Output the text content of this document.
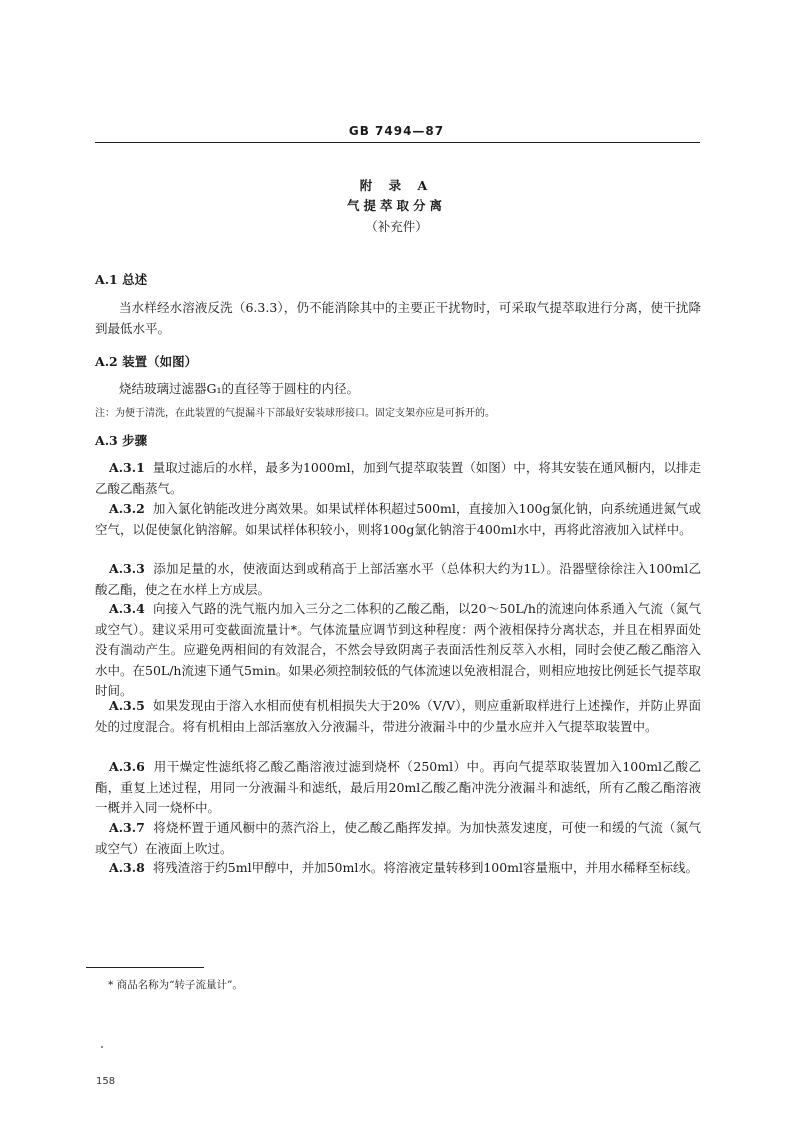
GB 7494—87
附 录 A
气提萃取分离
（补充件）
A.1 总述

当水样经水溶液反洗（6.3.3），仍不能消除其中的主要正干扰物时，可采取气提萃取进行分离，使干扰降到最低水平。

A.2 装置（如图）

烧结玻璃过滤器G₁的直径等于圆柱的内径。

注：为便于清洗，在此装置的气提漏斗下部最好安装球形接口。固定支架亦应是可拆开的。
A.3 步骤

A.3.1 量取过滤后的水样，最多为1000ml，加到气提萃取装置（如图）中，将其安装在通风橱内，以排走乙酸乙酯蒸气。

A.3.2 加入氯化钠能改进分离效果。如果试样体积超过500ml，直接加入100g氯化钠，向系统通进氮气或空气，以促使氯化钠溶解。如果试样体积较小，则将100g氯化钠溶于400ml水中，再将此溶液加入试样中。

A.3.3 添加足量的水，使液面达到或稍高于上部活塞水平（总体积大约为1L）。沿器壁徐徐注入100ml乙酸乙酯，使之在水样上方成层。

A.3.4 向接入气路的洗气瓶内加入三分之二体积的乙酸乙酯，以20～50L/h的流速向体系通入气流（氮气或空气）。建议采用可变截面流量计*。气体流量应调节到这种程度：两个液相保持分离状态，并且在相界面处没有湍动产生。应避免两相间的有效混合，不然会导致阴离子表面活性剂反萃入水相，同时会使乙酸乙酯溶入水中。在50L/h流速下通气5min。如果必须控制较低的气体流速以免液相混合，则相应地按比例延长气提萃取时间。

A.3.5 如果发现由于溶入水相而使有机相损失大于20%（V/V），则应重新取样进行上述操作，并防止界面处的过度混合。将有机相由上部活塞放入分液漏斗，带进分液漏斗中的少量水应并入气提萃取装置中。

A.3.6 用干燥定性滤纸将乙酸乙酯溶液过滤到烧杯（250ml）中。再向气提萃取装置加入100ml乙酸乙酯，重复上述过程，用同一分液漏斗和滤纸，最后用20ml乙酸乙酯冲洗分液漏斗和滤纸，所有乙酸乙酯溶液一概并入同一烧杯中。

A.3.7 将烧杯置于通风橱中的蒸汽浴上，使乙酸乙酯挥发掉。为加快蒸发速度，可使一和缓的气流（氮气或空气）在液面上吹过。

A.3.8 将残渣溶于约5ml甲醇中，并加50ml水。将溶液定量转移到100ml容量瓶中，并用水稀释至标线。

* 商品名称为“转子流量计”。
158
